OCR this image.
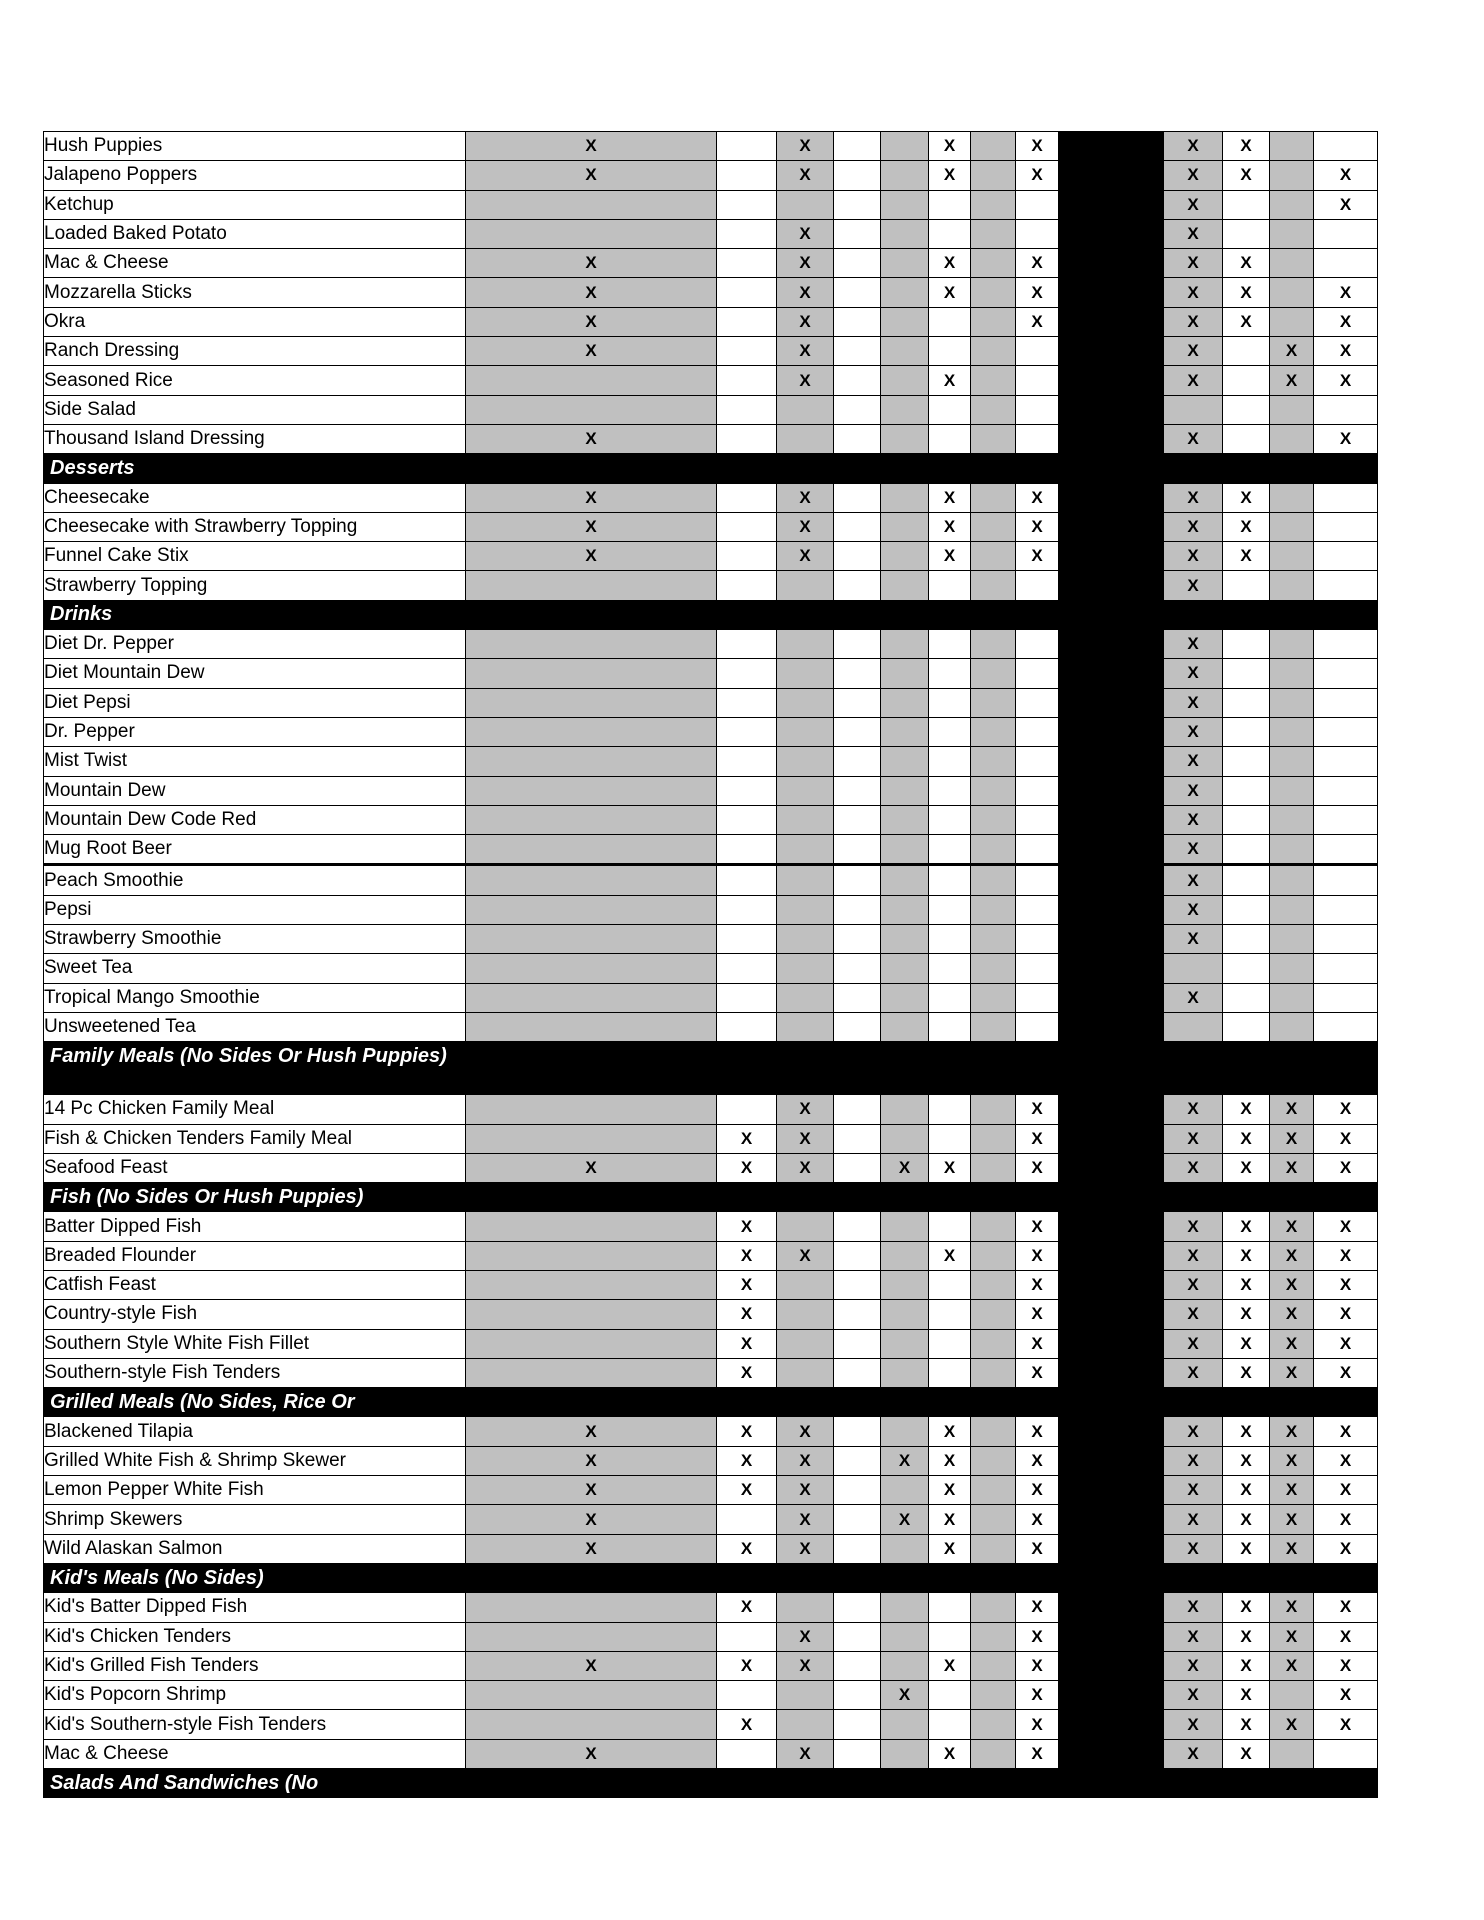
Hush Puppies	X		X			X		X		X	X		
Jalapeno Poppers	X		X			X		X		X	X		X
Ketchup										X			X
Loaded Baked Potato			X							X			
Mac & Cheese	X		X			X		X		X	X		
Mozzarella Sticks	X		X			X		X		X	X		X
Okra	X		X					X		X	X		X
Ranch Dressing	X		X							X		X	X
Seasoned Rice			X			X				X		X	X
Side Salad													
Thousand Island Dressing	X									X			X
Desserts													
Cheesecake	X		X			X		X		X	X		
Cheesecake with Strawberry Topping	X		X			X		X		X	X		
Funnel Cake Stix	X		X			X		X		X	X		
Strawberry Topping										X			
Drinks													
Diet Dr. Pepper										X			
Diet Mountain Dew										X			
Diet Pepsi										X			
Dr. Pepper										X			
Mist Twist										X			
Mountain Dew										X			
Mountain Dew Code Red										X			
Mug Root Beer										X			
Peach Smoothie										X			
Pepsi										X			
Strawberry Smoothie										X			
Sweet Tea													
Tropical Mango Smoothie										X			
Unsweetened Tea													
Family Meals (No Sides Or Hush Puppies)													
14 Pc Chicken Family Meal			X					X		X	X	X	X
Fish & Chicken Tenders Family Meal		X	X					X		X	X	X	X
Seafood Feast	X	X	X		X	X		X		X	X	X	X
Fish (No Sides Or Hush Puppies)													
Batter Dipped Fish		X						X		X	X	X	X
Breaded Flounder		X	X			X		X		X	X	X	X
Catfish Feast		X						X		X	X	X	X
Country-style Fish		X						X		X	X	X	X
Southern Style White Fish Fillet		X						X		X	X	X	X
Southern-style Fish Tenders		X						X		X	X	X	X
Grilled Meals (No Sides, Rice Or													
Blackened Tilapia	X	X	X			X		X		X	X	X	X
Grilled White Fish & Shrimp Skewer	X	X	X		X	X		X		X	X	X	X
Lemon Pepper White Fish	X	X	X			X		X		X	X	X	X
Shrimp Skewers	X		X		X	X		X		X	X	X	X
Wild Alaskan Salmon	X	X	X			X		X		X	X	X	X
Kid's Meals (No Sides)													
Kid's Batter Dipped Fish		X						X		X	X	X	X
Kid's Chicken Tenders			X					X		X	X	X	X
Kid's Grilled Fish Tenders	X	X	X			X		X		X	X	X	X
Kid's Popcorn Shrimp					X			X		X	X		X
Kid's Southern-style Fish Tenders		X						X		X	X	X	X
Mac & Cheese	X		X			X		X		X	X		
Salads And Sandwiches (No													
